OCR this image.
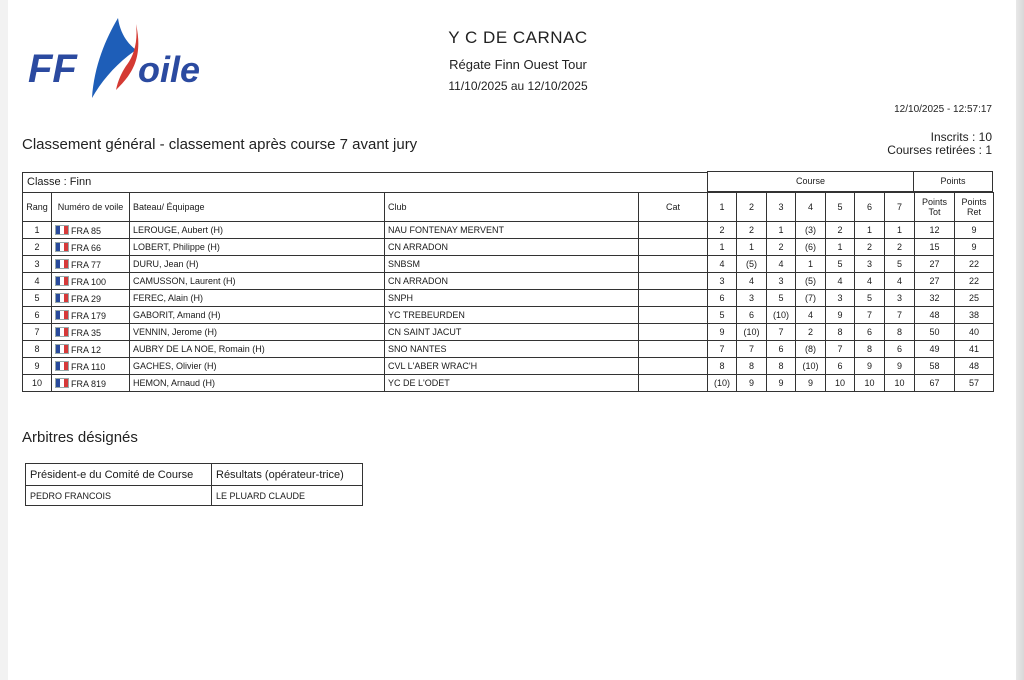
FF oile
Y C DE CARNAC
Régate Finn Ouest Tour
11/10/2025 au 12/10/2025
12/10/2025 - 12:57:17
Classement général - classement après course 7 avant jury	Inscrits : 10
Courses retirées : 1
Classe : Finn	Course	Points
Rang	Numéro de voile	Bateau/ Équipage	Club	Cat	1	2	3	4	5	6	7	Points Tot	Points Ret
1	FRA 85	LEROUGE, Aubert (H)	NAU FONTENAY MERVENT		2	2	1	(3)	2	1	1	12	9
2	FRA 66	LOBERT, Philippe (H)	CN ARRADON		1	1	2	(6)	1	2	2	15	9
3	FRA 77	DURU, Jean (H)	SNBSM		4	(5)	4	1	5	3	5	27	22
4	FRA 100	CAMUSSON, Laurent (H)	CN ARRADON		3	4	3	(5)	4	4	4	27	22
5	FRA 29	FEREC, Alain (H)	SNPH		6	3	5	(7)	3	5	3	32	25
6	FRA 179	GABORIT, Amand (H)	YC TREBEURDEN		5	6	(10)	4	9	7	7	48	38
7	FRA 35	VENNIN, Jerome (H)	CN SAINT JACUT		9	(10)	7	2	8	6	8	50	40
8	FRA 12	AUBRY DE LA NOE, Romain (H)	SNO NANTES		7	7	6	(8)	7	8	6	49	41
9	FRA 110	GACHES, Olivier (H)	CVL L'ABER WRAC'H		8	8	8	(10)	6	9	9	58	48
10	FRA 819	HEMON, Arnaud (H)	YC DE L'ODET		(10)	9	9	9	10	10	10	67	57
Arbitres désignés
Président-e du Comité de Course	Résultats (opérateur-trice)
PEDRO FRANCOIS	LE PLUARD CLAUDE
